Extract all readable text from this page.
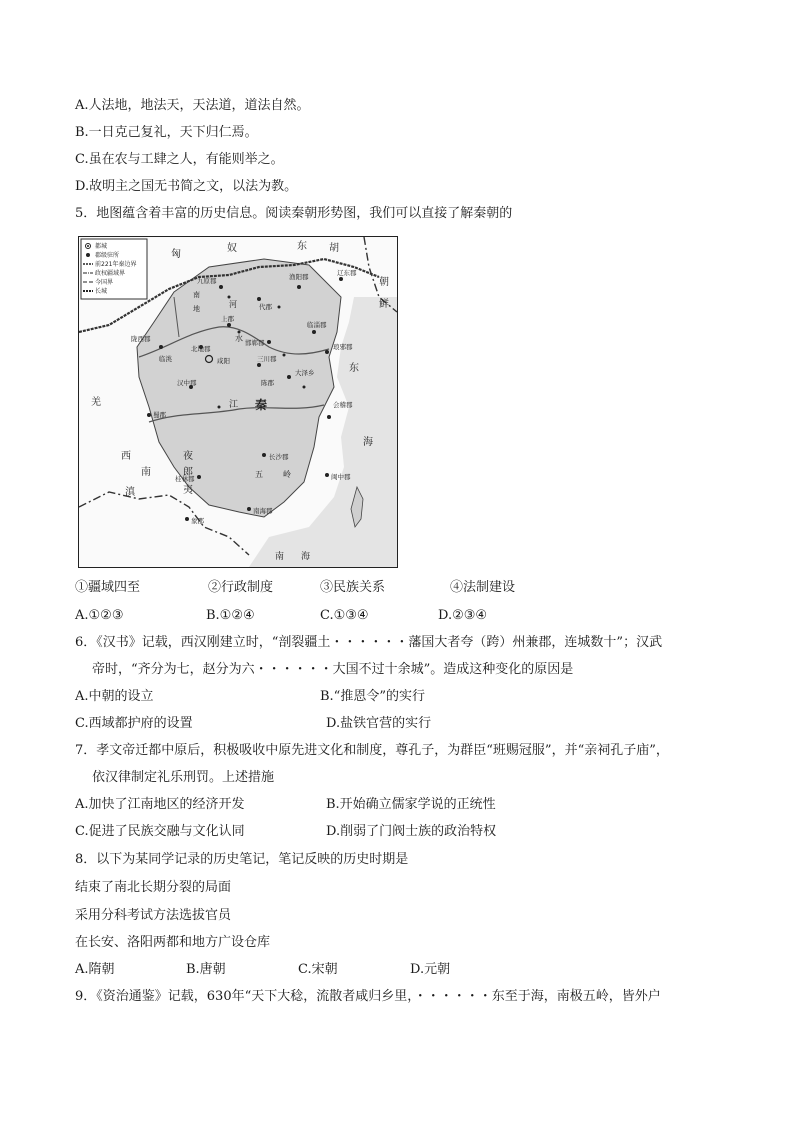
A.人法地，地法天，天法道，道法自然。
B.一日克己复礼，天下归仁焉。
C.虽在农与工肆之人，有能则举之。
D.故明主之国无书简之文，以法为教。
5．地图蕴含着丰富的历史信息。阅读秦朝形势图，我们可以直接了解秦朝的
都城
郡级驻所
前221年秦边界
政权疆域界
今国界
长城
匈
奴	东 胡
朝
鲜
九原郡
南
地
上郡
代郡
渔阳郡	辽东郡
陇西郡
北地郡
咸阳
临洮
邯郸郡
临淄郡
琅邪郡
三川郡
陈郡
大泽乡
汉中郡
蜀郡
秦	会稽郡
长沙郡
闽中郡
桂林郡
南海郡
象郡
羌
西
南
夜
郎
滇	夷
五	岭
东
海
南 海
河
水
江
①疆域四至	②行政制度	③民族关系	④法制建设
A.①②③	B.①②④	C.①③④	D.②③④
6．《汉书》记载，西汉刚建立时，“剖裂疆土・・・・・・藩国大者夸（跨）州兼郡，连城数十”；汉武
帝时，“齐分为七，赵分为六・・・・・・大国不过十余城”。造成这种变化的原因是
A.中朝的设立	B.“推恩令”的实行
C.西域都护府的设置	D.盐铁官营的实行
7．孝文帝迁都中原后，积极吸收中原先进文化和制度，尊孔子，为群臣“班赐冠服”，并“亲祠孔子庙”，
依汉律制定礼乐刑罚。上述措施
A.加快了江南地区的经济开发	B.开始确立儒家学说的正统性
C.促进了民族交融与文化认同	D.削弱了门阀士族的政治特权
8．以下为某同学记录的历史笔记，笔记反映的历史时期是
结束了南北长期分裂的局面
采用分科考试方法选拔官员
在长安、洛阳两都和地方广设仓库
A.隋朝	B.唐朝	C.宋朝	D.元朝
9．《资治通鉴》记载，630年“天下大稔，流散者咸归乡里，・・・・・・东至于海，南极五岭，皆外户
